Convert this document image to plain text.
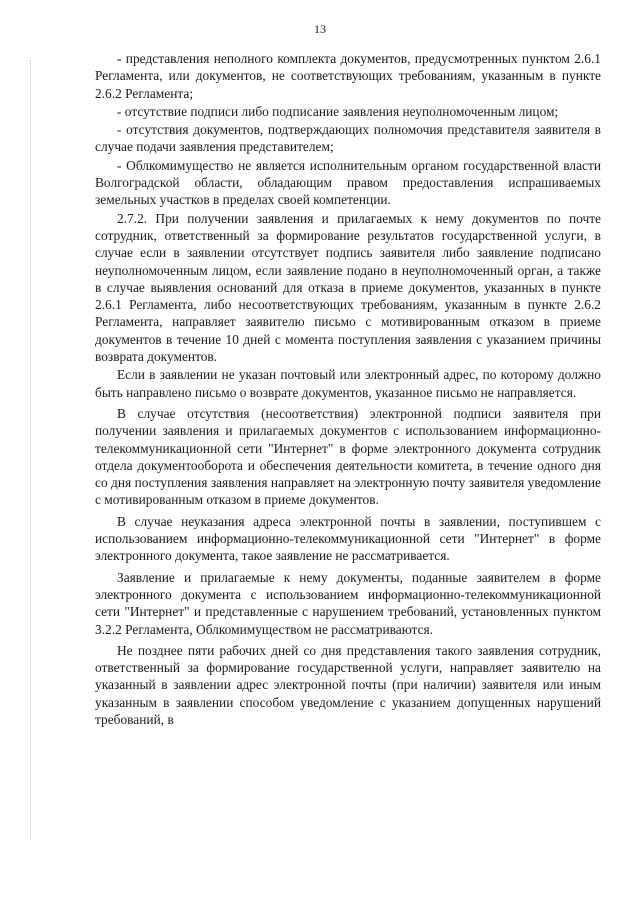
13

- представления неполного комплекта документов, предусмотренных пунктом 2.6.1 Регламента, или документов, не соответствующих требованиям, указанным в пункте 2.6.2 Регламента;

- отсутствие подписи либо подписание заявления неуполномоченным лицом;

- отсутствия документов, подтверждающих полномочия представителя заявителя в случае подачи заявления представителем;

- Облкомимущество не является исполнительным органом государственной власти Волгоградской области, обладающим правом предоставления испрашиваемых земельных участков в пределах своей компетенции.

2.7.2. При получении заявления и прилагаемых к нему документов по почте сотрудник, ответственный за формирование результатов государственной услуги, в случае если в заявлении отсутствует подпись заявителя либо заявление подписано неуполномоченным лицом, если заявление подано в неуполномоченный орган, а также в случае выявления оснований для отказа в приеме документов, указанных в пункте 2.6.1 Регламента, либо несоответствующих требованиям, указанным в пункте 2.6.2 Регламента, направляет заявителю письмо с мотивированным отказом в приеме документов в течение 10 дней с момента поступления заявления с указанием причины возврата документов.

Если в заявлении не указан почтовый или электронный адрес, по которому должно быть направлено письмо о возврате документов, указанное письмо не направляется.

В случае отсутствия (несоответствия) электронной подписи заявителя при получении заявления и прилагаемых документов с использованием информационно-телекоммуникационной сети "Интернет" в форме электронного документа сотрудник отдела документооборота и обеспечения деятельности комитета, в течение одного дня со дня поступления заявления направляет на электронную почту заявителя уведомление с мотивированным отказом в приеме документов.

В случае неуказания адреса электронной почты в заявлении, поступившем с использованием информационно-телекоммуникационной сети "Интернет" в форме электронного документа, такое заявление не рассматривается.

Заявление и прилагаемые к нему документы, поданные заявителем в форме электронного документа с использованием информационно-телекоммуникационной сети "Интернет" и представленные с нарушением требований, установленных пунктом 3.2.2 Регламента, Облкомимуществом не рассматриваются.

Не позднее пяти рабочих дней со дня представления такого заявления сотрудник, ответственный за формирование государственной услуги, направляет заявителю на указанный в заявлении адрес электронной почты (при наличии) заявителя или иным указанным в заявлении способом уведомление с указанием допущенных нарушений требований, в
